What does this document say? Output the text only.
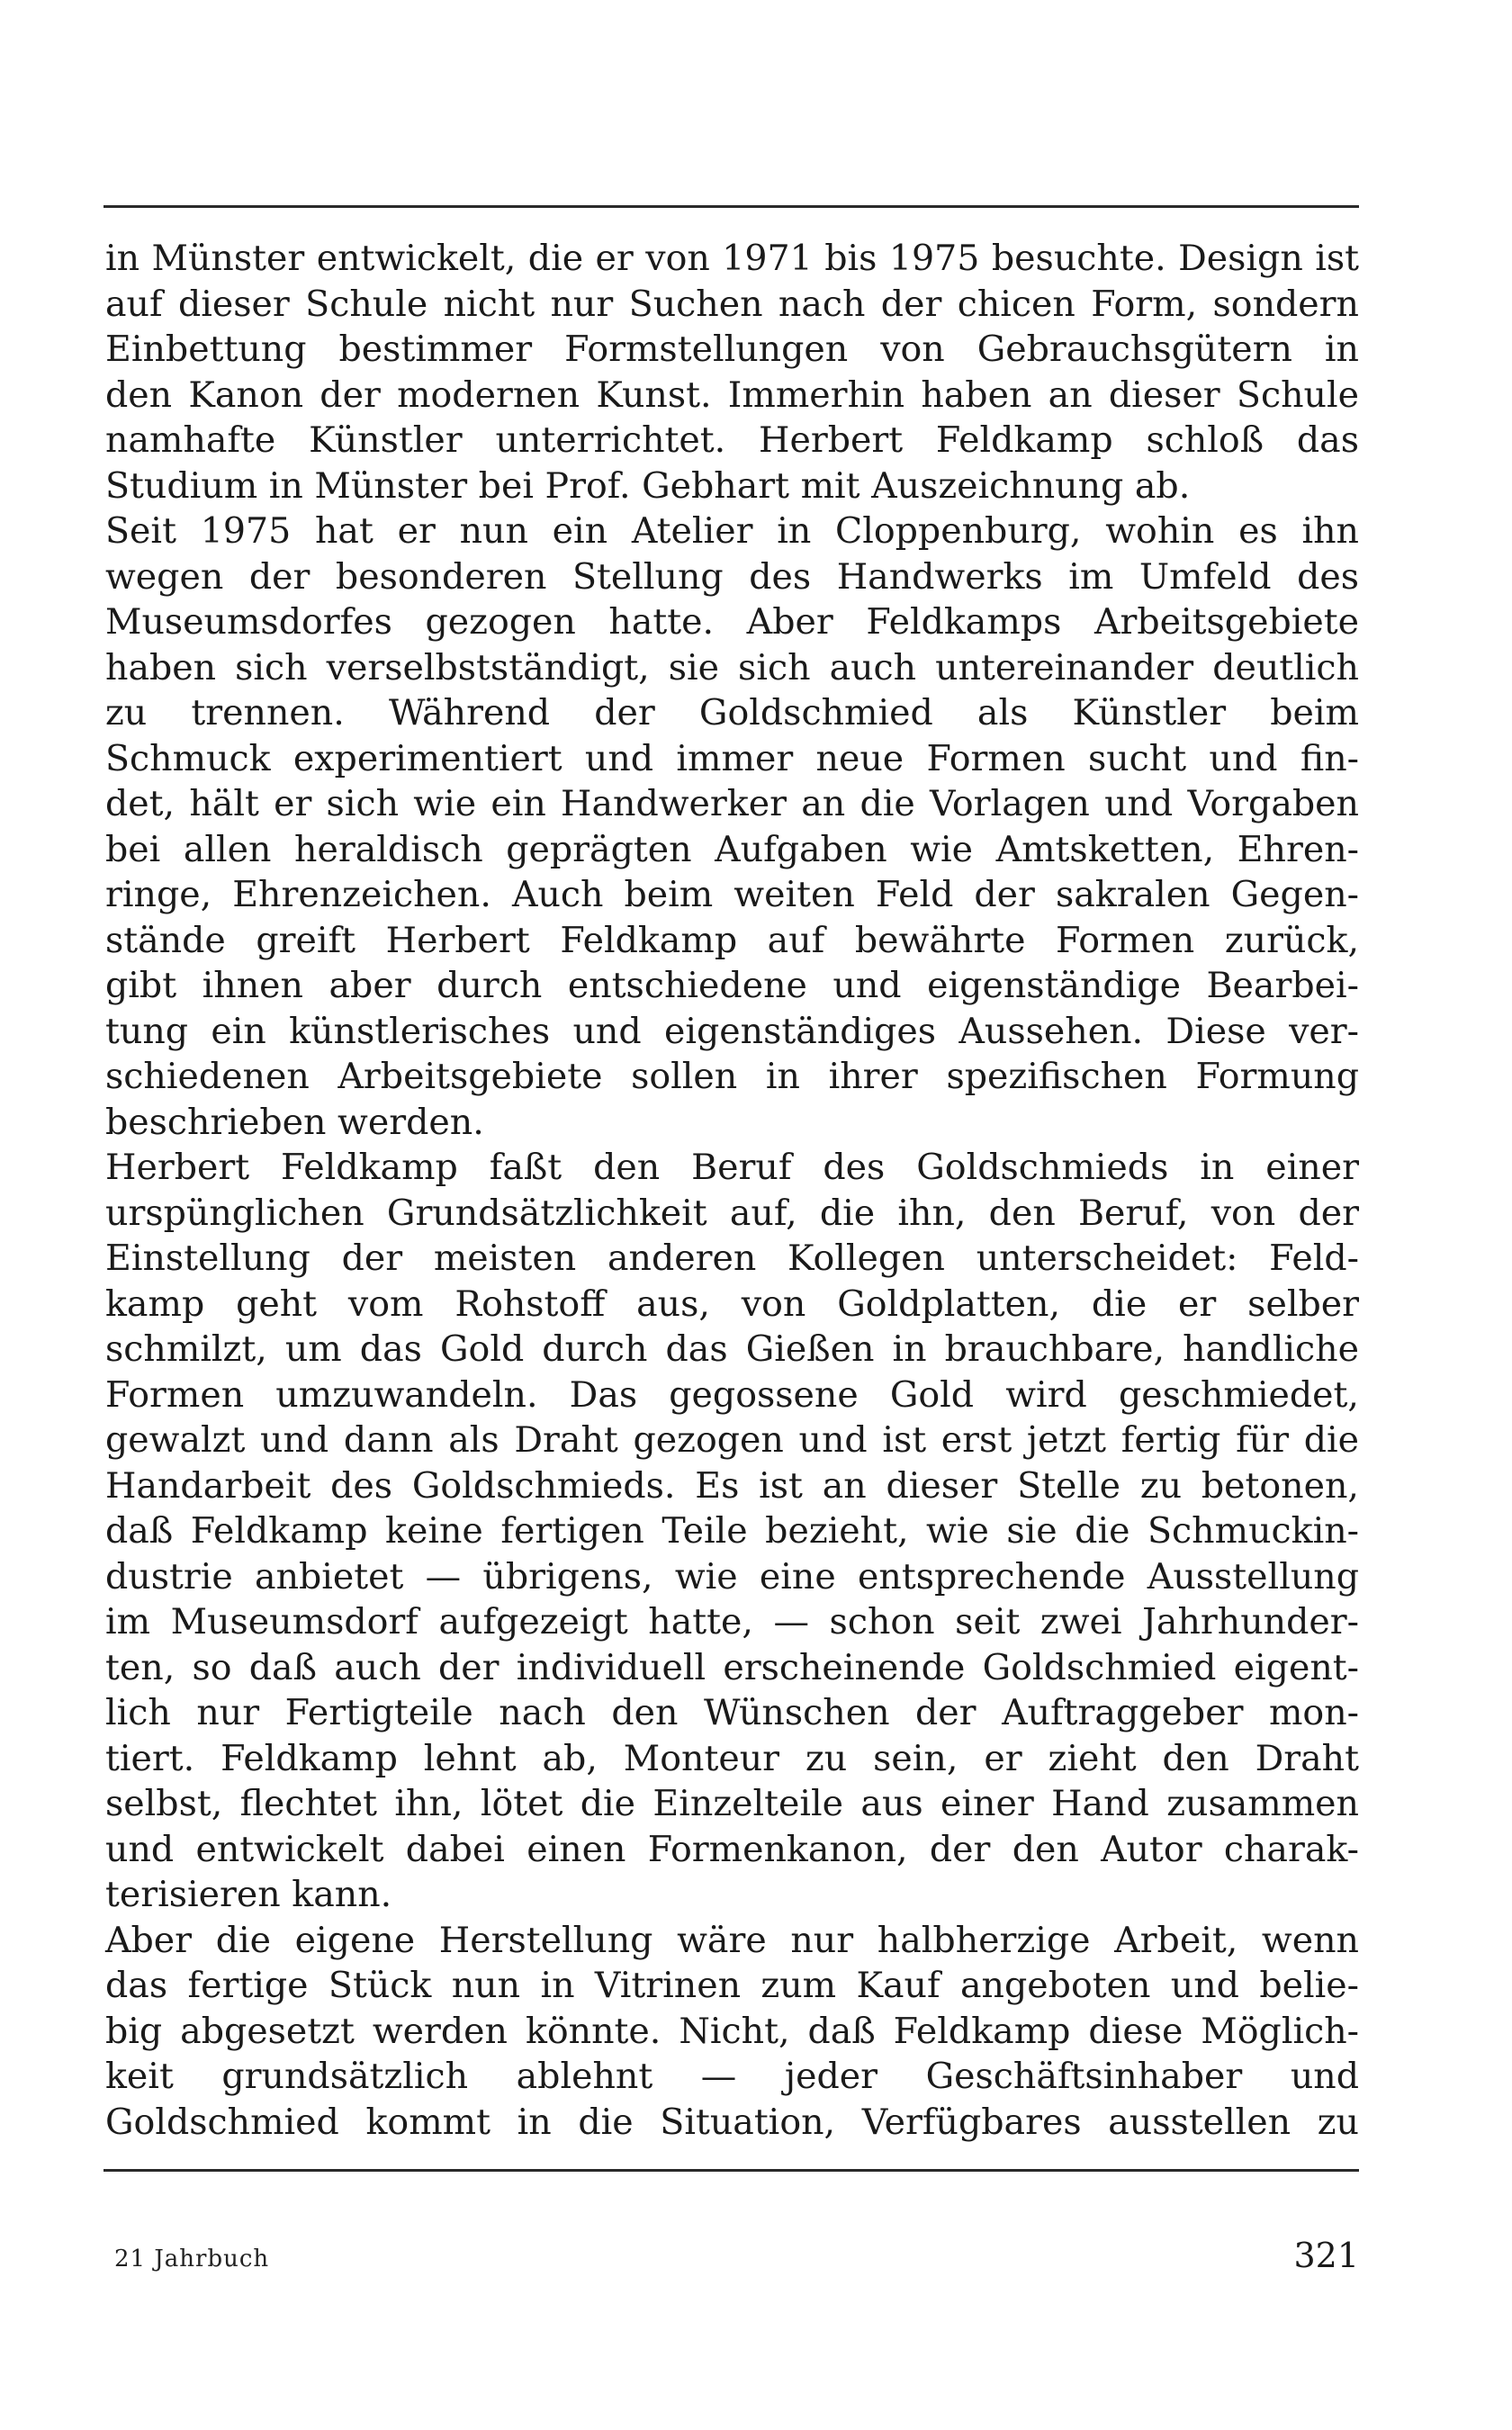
in Münster entwickelt, die er von 1971 bis 1975 besuchte. Design ist
auf dieser Schule nicht nur Suchen nach der chicen Form, sondern
Einbettung bestimmer Formstellungen von Gebrauchsgütern in
den Kanon der modernen Kunst. Immerhin haben an dieser Schule
namhafte Künstler unterrichtet. Herbert Feldkamp schloß das
Studium in Münster bei Prof. Gebhart mit Auszeichnung ab.
Seit 1975 hat er nun ein Atelier in Cloppenburg, wohin es ihn
wegen der besonderen Stellung des Handwerks im Umfeld des
Museumsdorfes gezogen hatte. Aber Feldkamps Arbeitsgebiete
haben sich verselbstständigt, sie sich auch untereinander deutlich
zu trennen. Während der Goldschmied als Künstler beim
Schmuck experimentiert und immer neue Formen sucht und fin-
det, hält er sich wie ein Handwerker an die Vorlagen und Vorgaben
bei allen heraldisch geprägten Aufgaben wie Amtsketten, Ehren-
ringe, Ehrenzeichen. Auch beim weiten Feld der sakralen Gegen-
stände greift Herbert Feldkamp auf bewährte Formen zurück,
gibt ihnen aber durch entschiedene und eigenständige Bearbei-
tung ein künstlerisches und eigenständiges Aussehen. Diese ver-
schiedenen Arbeitsgebiete sollen in ihrer spezifischen Formung
beschrieben werden.
Herbert Feldkamp faßt den Beruf des Goldschmieds in einer
urspünglichen Grundsätzlichkeit auf, die ihn, den Beruf, von der
Einstellung der meisten anderen Kollegen unterscheidet: Feld-
kamp geht vom Rohstoff aus, von Goldplatten, die er selber
schmilzt, um das Gold durch das Gießen in brauchbare, handliche
Formen umzuwandeln. Das gegossene Gold wird geschmiedet,
gewalzt und dann als Draht gezogen und ist erst jetzt fertig für die
Handarbeit des Goldschmieds. Es ist an dieser Stelle zu betonen,
daß Feldkamp keine fertigen Teile bezieht, wie sie die Schmuckin-
dustrie anbietet — übrigens, wie eine entsprechende Ausstellung
im Museumsdorf aufgezeigt hatte, — schon seit zwei Jahrhunder-
ten, so daß auch der individuell erscheinende Goldschmied eigent-
lich nur Fertigteile nach den Wünschen der Auftraggeber mon-
tiert. Feldkamp lehnt ab, Monteur zu sein, er zieht den Draht
selbst, flechtet ihn, lötet die Einzelteile aus einer Hand zusammen
und entwickelt dabei einen Formenkanon, der den Autor charak-
terisieren kann.
Aber die eigene Herstellung wäre nur halbherzige Arbeit, wenn
das fertige Stück nun in Vitrinen zum Kauf angeboten und belie-
big abgesetzt werden könnte. Nicht, daß Feldkamp diese Möglich-
keit grundsätzlich ablehnt — jeder Geschäftsinhaber und
Goldschmied kommt in die Situation, Verfügbares ausstellen zu
21 Jahrbuch	321
